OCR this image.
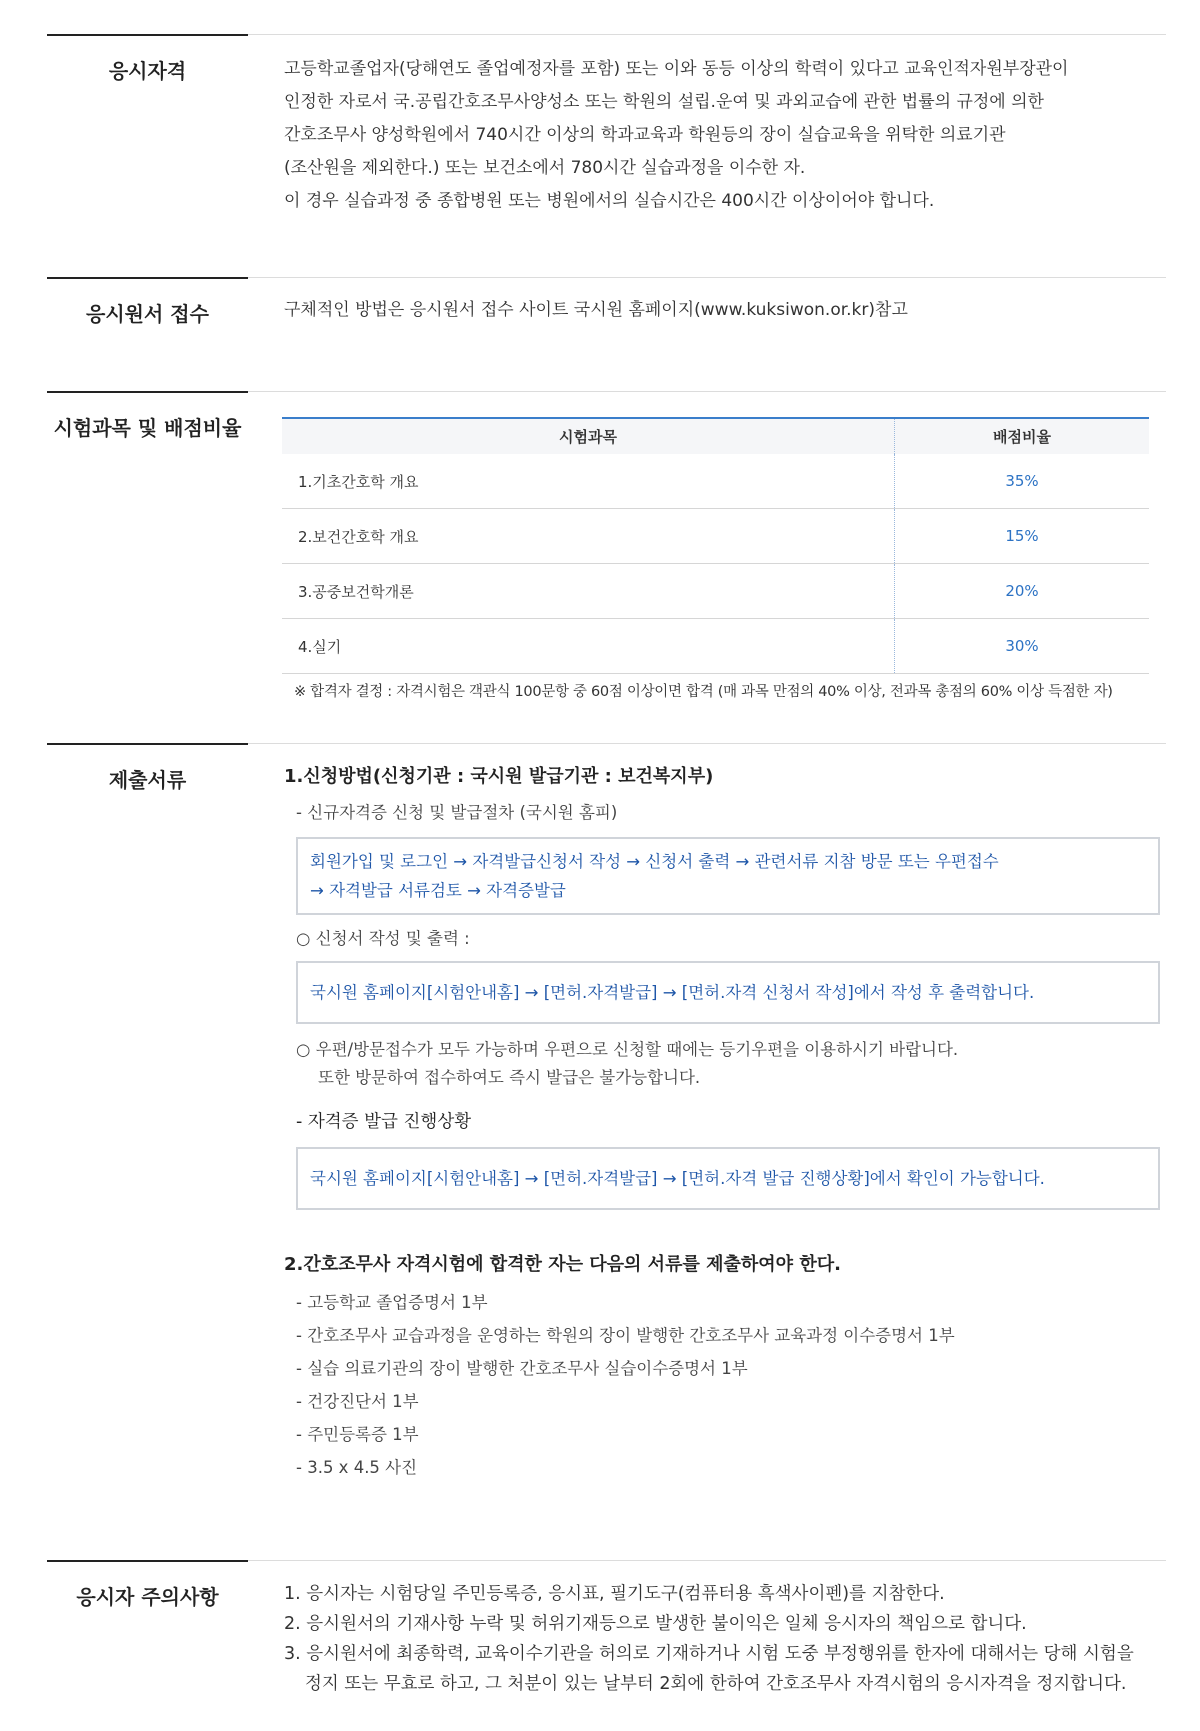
응시자격	고등학교졸업자(당해연도 졸업예정자를 포함) 또는 이와 동등 이상의 학력이 있다고 교육인적자원부장관이
인정한 자로서 국.공립간호조무사양성소 또는 학원의 설립.운여 및 과외교습에 관한 법률의 규정에 의한
간호조무사 양성학원에서 740시간 이상의 학과교육과 학원등의 장이 실습교육을 위탁한 의료기관
(조산원을 제외한다.) 또는 보건소에서 780시간 실습과정을 이수한 자.
이 경우 실습과정 중 종합병원 또는 병원에서의 실습시간은 400시간 이상이어야 합니다.
응시원서 접수	구체적인 방법은 응시원서 접수 사이트 국시원 홈페이지(www.kuksiwon.or.kr)참고
시험과목 및 배점비율	시험과목	배점비율
1.기초간호학 개요	35%
2.보건간호학 개요	15%
3.공중보건학개론	20%
4.실기	30%
※ 합격자 결정 : 자격시험은 객관식 100문항 중 60점 이상이면 합격 (매 과목 만점의 40% 이상, 전과목 총점의 60% 이상 득점한 자)
제출서류	1.신청방법(신청기관 : 국시원 발급기관 : 보건복지부)
- 신규자격증 신청 및 발급절차 (국시원 홈피)
회원가입 및 로그인 → 자격발급신청서 작성 → 신청서 출력 → 관련서류 지참 방문 또는 우편접수
→ 자격발급 서류검토 → 자격증발급
○ 신청서 작성 및 출력 :
국시원 홈페이지[시험안내홈] → [면허.자격발급] → [면허.자격 신청서 작성]에서 작성 후 출력합니다.
○ 우편/방문접수가 모두 가능하며 우편으로 신청할 때에는 등기우편을 이용하시기 바랍니다.
또한 방문하여 접수하여도 즉시 발급은 불가능합니다.
- 자격증 발급 진행상황
국시원 홈페이지[시험안내홈] → [면허.자격발급] → [면허.자격 발급 진행상황]에서 확인이 가능합니다.
2.간호조무사 자격시험에 합격한 자는 다음의 서류를 제출하여야 한다.
- 고등학교 졸업증명서 1부
- 간호조무사 교습과정을 운영하는 학원의 장이 발행한 간호조무사 교육과정 이수증명서 1부
- 실습 의료기관의 장이 발행한 간호조무사 실습이수증명서 1부
- 건강진단서 1부
- 주민등록증 1부
- 3.5 x 4.5 사진
응시자 주의사항	1. 응시자는 시험당일 주민등록증, 응시표, 필기도구(컴퓨터용 흑색사이펜)를 지참한다.
2. 응시원서의 기재사항 누락 및 허위기재등으로 발생한 불이익은 일체 응시자의 책임으로 합니다.
3. 응시원서에 최종학력, 교육이수기관을 허의로 기재하거나 시험 도중 부정행위를 한자에 대해서는 당해 시험을
정지 또는 무효로 하고, 그 처분이 있는 날부터 2회에 한하여 간호조무사 자격시험의 응시자격을 정지합니다.
